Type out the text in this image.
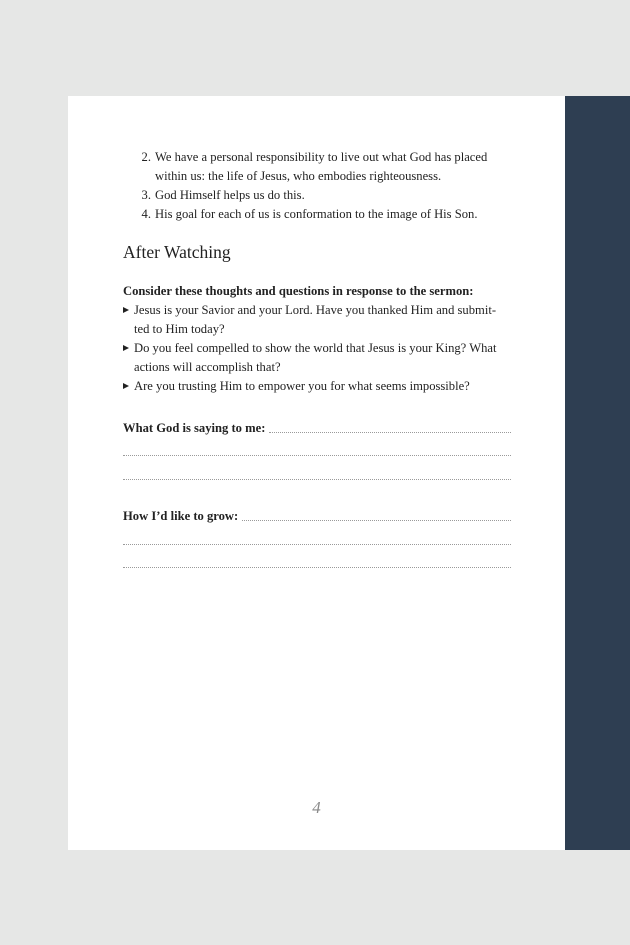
2. We have a personal responsibility to live out what God has placed within us: the life of Jesus, who embodies righteousness.
3. God Himself helps us do this.
4. His goal for each of us is conformation to the image of His Son.
After Watching
Consider these thoughts and questions in response to the sermon:
Jesus is your Savior and your Lord. Have you thanked Him and submit-ted to Him today?
Do you feel compelled to show the world that Jesus is your King? What actions will accomplish that?
Are you trusting Him to empower you for what seems impossible?
What God is saying to me:
How I’d like to grow:
4
